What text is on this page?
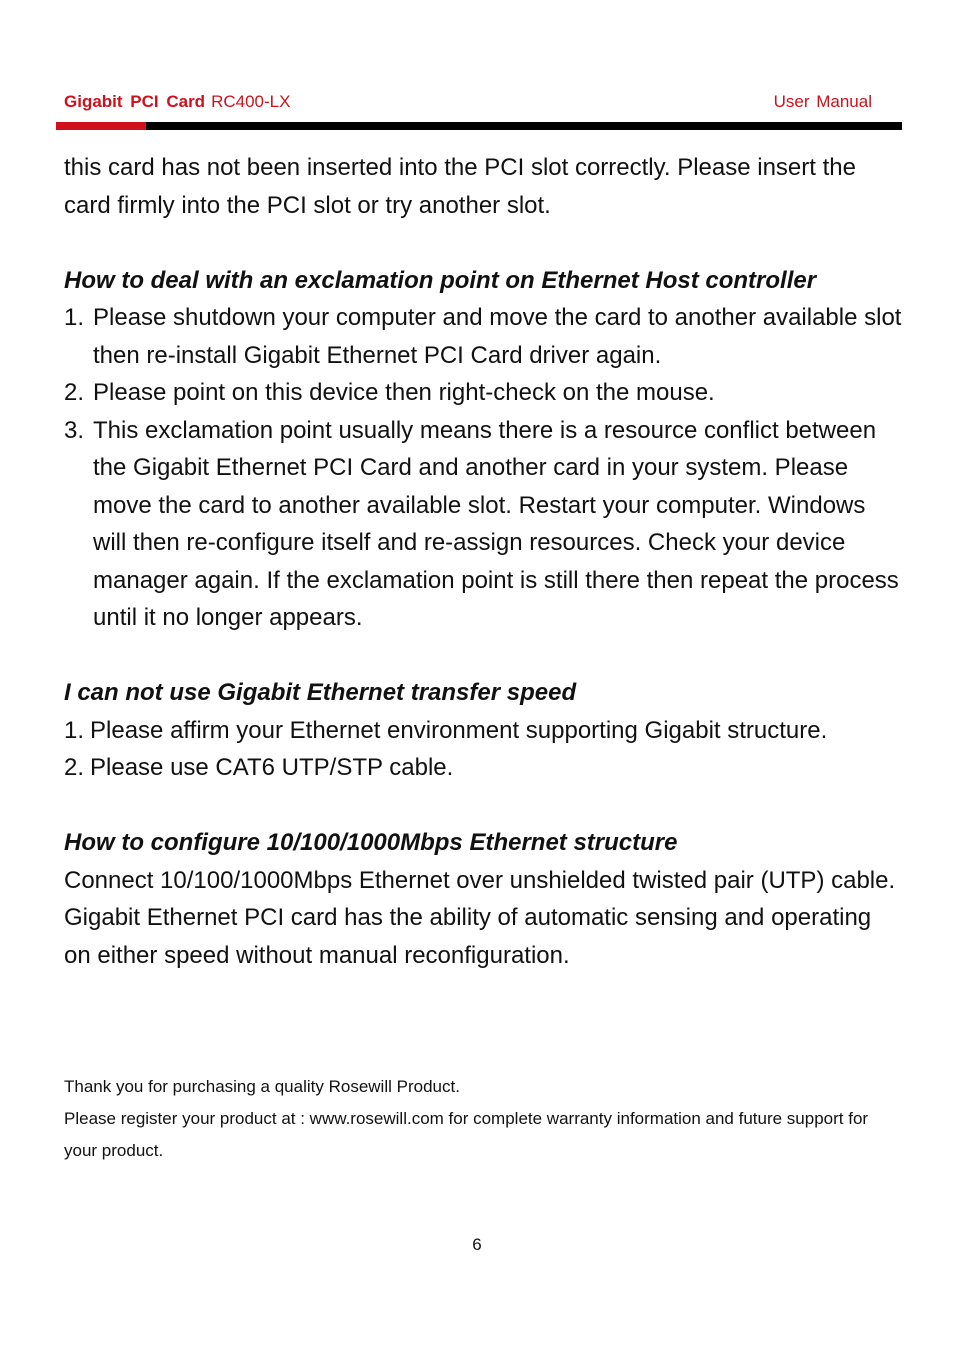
Gigabit PCI Card RC400-LX	User Manual

this card has not been inserted into the PCI slot correctly. Please insert the card firmly into the PCI slot or try another slot.

How to deal with an exclamation point on Ethernet Host controller
1. Please shutdown your computer and move the card to another available slot then re-install Gigabit Ethernet PCI Card driver again.
2. Please point on this device then right-check on the mouse.
3. This exclamation point usually means there is a resource conflict between the Gigabit Ethernet PCI Card and another card in your system. Please move the card to another available slot. Restart your computer. Windows will then re-configure itself and re-assign resources. Check your device manager again. If the exclamation point is still there then repeat the process until it no longer appears.
I can not use Gigabit Ethernet transfer speed
1. Please affirm your Ethernet environment supporting Gigabit structure.
2. Please use CAT6 UTP/STP cable.
How to configure 10/100/1000Mbps Ethernet structure

Connect 10/100/1000Mbps Ethernet over unshielded twisted pair (UTP) cable. Gigabit Ethernet PCI card has the ability of automatic sensing and operating on either speed without manual reconfiguration.

Thank you for purchasing a quality Rosewill Product.

Please register your product at : www.rosewill.com for complete warranty information and future support for your product.

6
